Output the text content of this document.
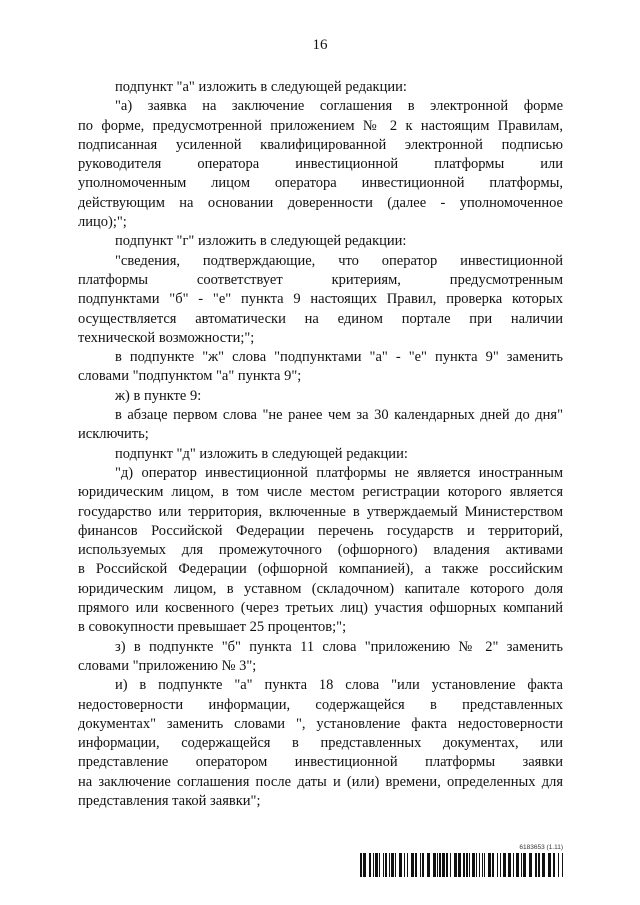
16
подпункт "а" изложить в следующей редакции:
"а) заявка на заключение соглашения в электронной форме
по форме, предусмотренной приложением № 2 к настоящим Правилам,
подписанная усиленной квалифицированной электронной подписью
руководителя оператора инвестиционной платформы или
уполномоченным лицом оператора инвестиционной платформы,
действующим на основании доверенности (далее - уполномоченное
лицо);";
подпункт "г" изложить в следующей редакции:
"сведения, подтверждающие, что оператор инвестиционной
платформы соответствует критериям, предусмотренным
подпунктами "б" - "е" пункта 9 настоящих Правил, проверка которых
осуществляется автоматически на едином портале при наличии
технической возможности;";
в подпункте "ж" слова "подпунктами "а" - "е" пункта 9" заменить
словами "подпунктом "а" пункта 9";
ж) в пункте 9:
в абзаце первом слова "не ранее чем за 30 календарных дней до дня"
исключить;
подпункт "д" изложить в следующей редакции:
"д) оператор инвестиционной платформы не является иностранным
юридическим лицом, в том числе местом регистрации которого является
государство или территория, включенные в утверждаемый Министерством
финансов Российской Федерации перечень государств и территорий,
используемых для промежуточного (офшорного) владения активами
в Российской Федерации (офшорной компанией), а также российским
юридическим лицом, в уставном (складочном) капитале которого доля
прямого или косвенного (через третьих лиц) участия офшорных компаний
в совокупности превышает 25 процентов;";
з) в подпункте "б" пункта 11 слова "приложению № 2" заменить
словами "приложению № 3";
и) в подпункте "а" пункта 18 слова "или установление факта
недостоверности информации, содержащейся в представленных
документах" заменить словами ", установление факта недостоверности
информации, содержащейся в представленных документах, или
представление оператором инвестиционной платформы заявки
на заключение соглашения после даты и (или) времени, определенных для
представления такой заявки";
6183653 (1.11)
